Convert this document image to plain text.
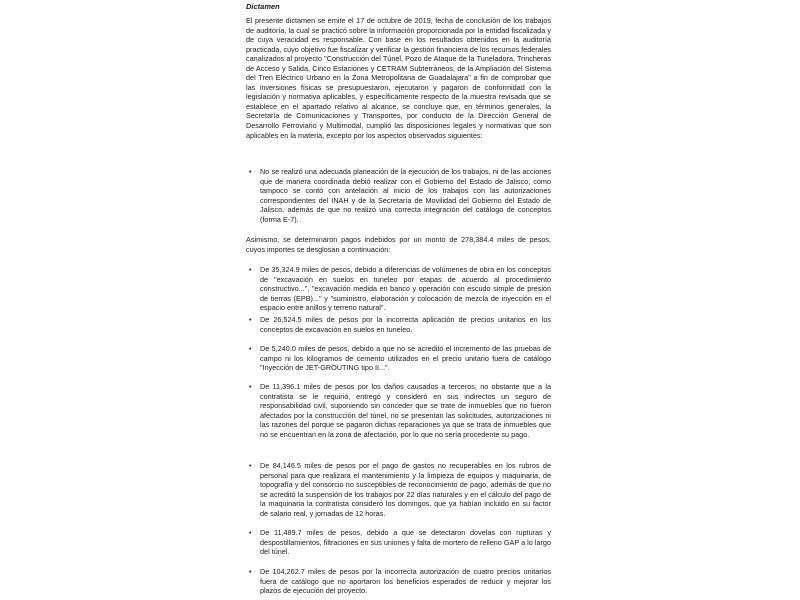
Dictamen

El presente dictamen se emite el 17 de octubre de 2019, fecha de conclusión de los trabajos de auditoría, la cual se practicó sobre la información proporcionada por la entidad fiscalizada y de cuya veracidad es responsable. Con base en los resultados obtenidos en la auditoría practicada, cuyo objetivo fue fiscalizar y verificar la gestión financiera de los recursos federales canalizados al proyecto "Construcción del Túnel, Pozo de Ataque de la Tuneladora, Trincheras de Acceso y Salida, Cinco Estaciones y CETRAM Subterráneos, de la Ampliación del Sistema del Tren Eléctrico Urbano en la Zona Metropolitana de Guadalajara" a fin de comprobar que las inversiones físicas se presupuestaron, ejecutaron y pagaron de conformidad con la legislación y normativa aplicables, y específicamente respecto de la muestra revisada que se establece en el apartado relativo al alcance, se concluye que, en términos generales, la Secretaría de Comunicaciones y Transportes, por conducto de la Dirección General de Desarrollo Ferroviario y Multimodal, cumplió las disposiciones legales y normativas que son aplicables en la materia, excepto por los aspectos observados siguientes:

•	No se realizó una adecuada planeación de la ejecución de los trabajos, ni de las acciones que de manera coordinada debió realizar con el Gobierno del Estado de Jalisco, como tampoco se contó con antelación al inicio de los trabajos con las autorizaciones correspondientes del INAH y de la Secretaría de Movilidad del Gobierno del Estado de Jalisco, además de que no realizó una correcta integración del catálogo de conceptos (forma E-7).

Asimismo, se determinaron pagos indebidos por un monto de 278,384.4 miles de pesos, cuyos importes se desglosan a continuación:

•	De 35,324.9 miles de pesos, debido a diferencias de volúmenes de obra en los conceptos de "excavación en suelos en tuneleo por etapas de acuerdo al procedimiento constructivo...", "excavación medida en banco y operación con escudo simple de presión de tierras (EPB)..." y "suministro, elaboración y colocación de mezcla de inyección en el espacio entre anillos y terreno natural".

•	De 26,524.5 miles de pesos por la incorrecta aplicación de precios unitarios en los conceptos de excavación en suelos en tuneleo.

•	De 5,240.0 miles de pesos, debido a que no se acreditó el incremento de las pruebas de campo ni los kilogramos de cemento utilizados en el precio unitario fuera de catálogo "Inyección de JET-GROUTING tipo II...".

•	De 11,396.1 miles de pesos por los daños causados a terceros, no obstante que a la contratista se le requirió, entregó y consideró en sus indirectos un seguro de responsabilidad civil, suponiendo sin conceder que se trate de inmuebles que no fueron afectados por la construcción del túnel, no se presentan las solicitudes, autorizaciones ni las razones del porque se pagaron dichas reparaciones ya que se trata de inmuebles que no se encuentran en la zona de afectación, por lo que no sería procedente su pago.

•	De 84,146.5 miles de pesos por el pago de gastos no recuperables en los rubros de personal para que realizara el mantenimiento y la limpieza de equipos y maquinaria, de topografía y del consorcio no susceptibles de reconocimiento de pago, además de que no se acreditó la suspensión de los trabajos por 22 días naturales y en el cálculo del pago de la maquinaria la contratista consideró los domingos, que ya habían incluido en su factor de salario real, y jornadas de 12 horas.

•	De 11,489.7 miles de pesos, debido a que se detectaron dovelas con rupturas y despostillamientos, filtraciones en sus uniones y falta de mortero de relleno GAP a lo largo del túnel.

•	De 104,262.7 miles de pesos por la incorrecta autorización de cuatro precios unitarios fuera de catálogo que no aportaron los beneficios esperados de reducir y mejorar los plazos de ejecución del proyecto.
